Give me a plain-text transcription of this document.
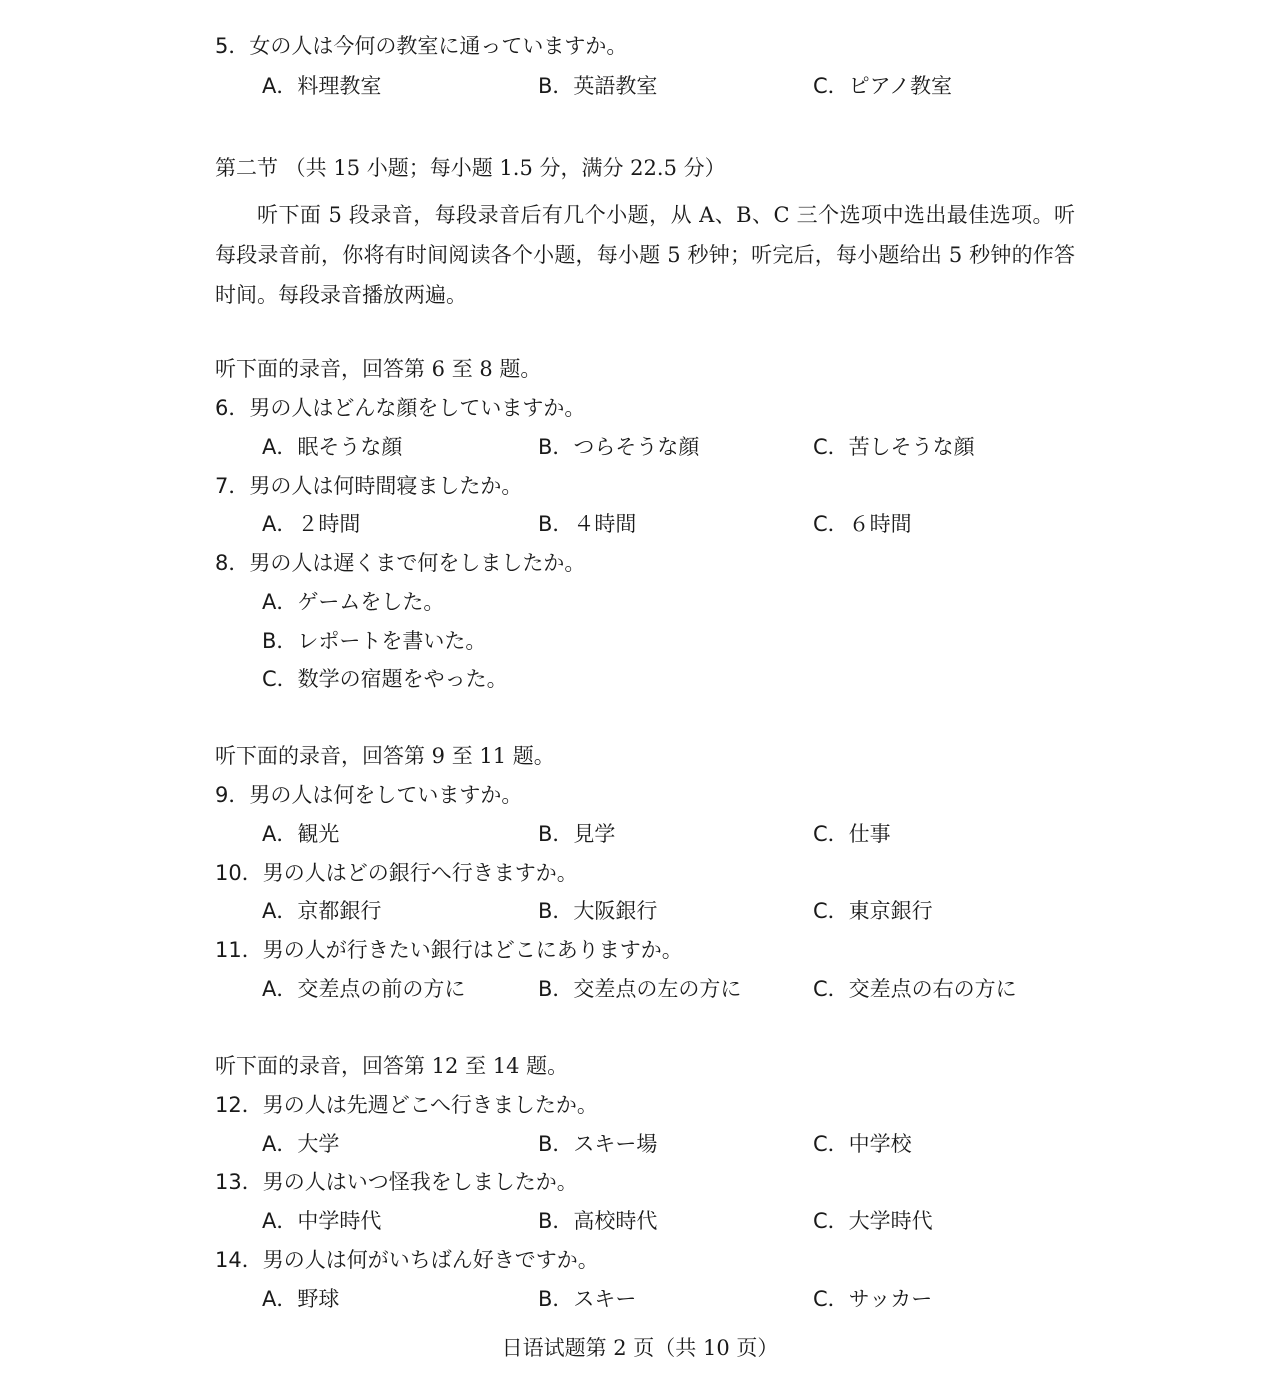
5．女の人は今何の教室に通っていますか。
A．料理教室	B．英語教室	C．ピアノ教室
第二节 （共 15 小题；每小题 1.5 分，满分 22.5 分）

听下面 5 段录音，每段录音后有几个小题，从 A、B、C 三个选项中选出最佳选项。听每段录音前，你将有时间阅读各个小题，每小题 5 秒钟；听完后，每小题给出 5 秒钟的作答时间。每段录音播放两遍。

听下面的录音，回答第 6 至 8 题。
6．男の人はどんな顔をしていますか。
A．眠そうな顔	B．つらそうな顔	C．苦しそうな顔
7．男の人は何時間寝ましたか。
A．２時間	B．４時間	C．６時間
8．男の人は遅くまで何をしましたか。
A．ゲームをした。
B．レポートを書いた。
C．数学の宿題をやった。
听下面的录音，回答第 9 至 11 题。
9．男の人は何をしていますか。
A．観光	B．見学	C．仕事
10．男の人はどの銀行へ行きますか。
A．京都銀行	B．大阪銀行	C．東京銀行
11．男の人が行きたい銀行はどこにありますか。
A．交差点の前の方に	B．交差点の左の方に	C．交差点の右の方に
听下面的录音，回答第 12 至 14 题。
12．男の人は先週どこへ行きましたか。
A．大学	B．スキー場	C．中学校
13．男の人はいつ怪我をしましたか。
A．中学時代	B．高校時代	C．大学時代
14．男の人は何がいちばん好きですか。
A．野球	B．スキー	C．サッカー
日语试题第 2 页（共 10 页）
